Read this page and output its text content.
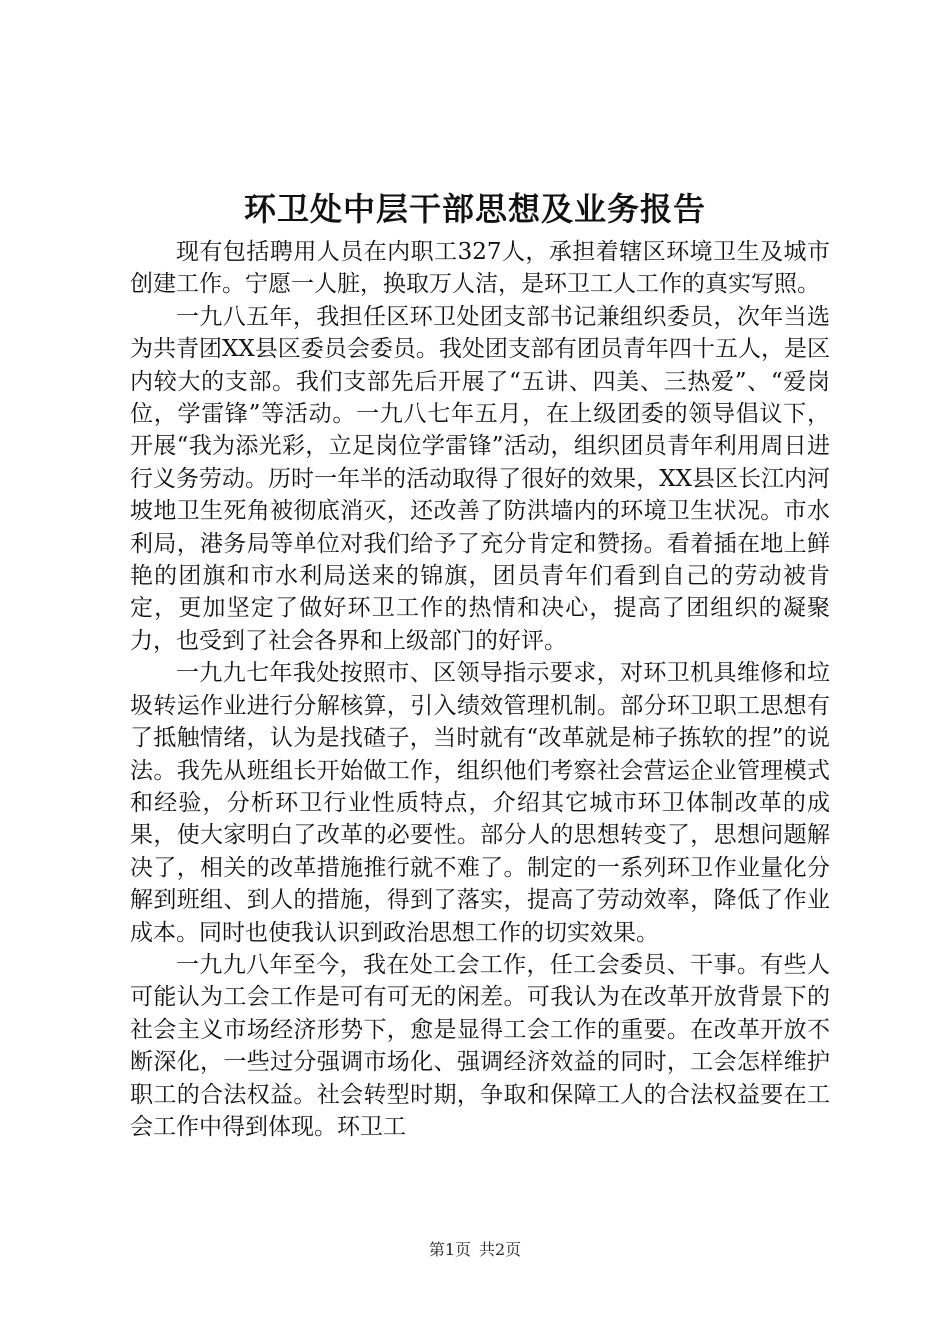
环卫处中层干部思想及业务报告

现有包括聘用人员在内职工327人，承担着辖区环境卫生及城市创建工作。宁愿一人脏，换取万人洁，是环卫工人工作的真实写照。

一九八五年，我担任区环卫处团支部书记兼组织委员，次年当选为共青团XX县区委员会委员。我处团支部有团员青年四十五人，是区内较大的支部。我们支部先后开展了“五讲、四美、三热爱”、“爱岗位，学雷锋”等活动。一九八七年五月，在上级团委的领导倡议下，开展“我为添光彩，立足岗位学雷锋”活动，组织团员青年利用周日进行义务劳动。历时一年半的活动取得了很好的效果，XX县区长江内河坡地卫生死角被彻底消灭，还改善了防洪墙内的环境卫生状况。市水利局，港务局等单位对我们给予了充分肯定和赞扬。看着插在地上鲜艳的团旗和市水利局送来的锦旗，团员青年们看到自己的劳动被肯定，更加坚定了做好环卫工作的热情和决心，提高了团组织的凝聚力，也受到了社会各界和上级部门的好评。

一九九七年我处按照市、区领导指示要求，对环卫机具维修和垃圾转运作业进行分解核算，引入绩效管理机制。部分环卫职工思想有了抵触情绪，认为是找碴子，当时就有“改革就是柿子拣软的捏”的说法。我先从班组长开始做工作，组织他们考察社会营运企业管理模式和经验，分析环卫行业性质特点，介绍其它城市环卫体制改革的成果，使大家明白了改革的必要性。部分人的思想转变了，思想问题解决了，相关的改革措施推行就不难了。制定的一系列环卫作业量化分解到班组、到人的措施，得到了落实，提高了劳动效率，降低了作业成本。同时也使我认识到政治思想工作的切实效果。

一九九八年至今，我在处工会工作，任工会委员、干事。有些人可能认为工会工作是可有可无的闲差。可我认为在改革开放背景下的社会主义市场经济形势下，愈是显得工会工作的重要。在改革开放不断深化，一些过分强调市场化、强调经济效益的同时，工会怎样维护职工的合法权益。社会转型时期，争取和保障工人的合法权益要在工会工作中得到体现。环卫工

第1页 共2页
